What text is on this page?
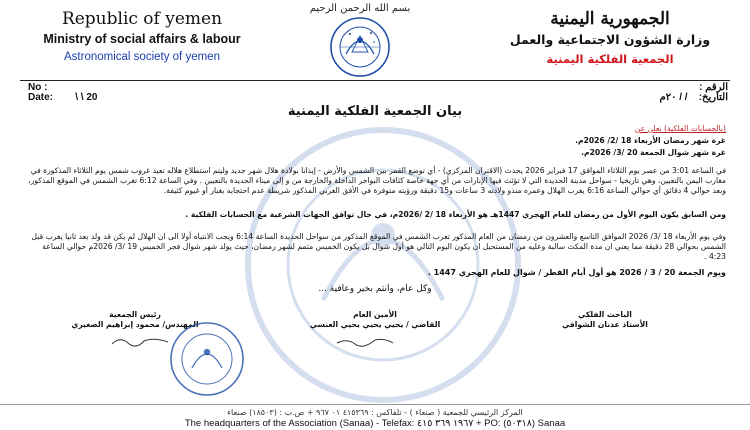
Republic of yemen
Ministry of social affairs & labour
Astronomical society of yemen
بسم الله الرحمن الرحيم
الجمهورية اليمنية
وزارة الشؤون الاجتماعية والعمل
الجمعية الفلكية اليمنية
No :	الرقم :
Date: \ \ 20	التاريخ:    / / ٢٠م
بيان الجمعية الفلكية اليمنية
(بالحسابات الفلكية) نعلن عن
غرة شهر رمضان الأربعاء 18 /2/ 2026م.
غرة شهر شوال الجمعة 20 /3/ 2026م.
في الساعة 3:01 من عصر يوم الثلاثاء الموافق 17 فبراير 2026 يحدث (الاقتران المركزي) - أي توضع القمر بين الشمس والأرض - إيذانا بولادة هلال شهر جديد وليتم استطلاع هلاله تعيد غروب شمس يوم الثلاثاء المذكورة في مغارب اليمن بالتعيين، وهي تاريخيا - سواحل مدينة الحديدة التي لا تؤثث فيها الإنارات من أي جهة خاصة كثافات البواخر الداخلة والخارجة من و إلى ميناء الحديدة بالتعيين . وفي الساعة 6:12 تغرب الشمس في الموقع المذكور، وبعد حوالي 4 دقائق أي حوالي الساعة 6:16 يغرب الهلال وعمره منذو ولادته 3 ساعات و15 دقيقة ورؤيته متوفرة في الأفق الغربي المذكور شريطة عدم احتجابه بغبار أو غيوم كثيفة.
ومن السابق يكون اليوم الأول من رمضان للعام الهجري 1447هـ هو الأربعاء 18 /2 /2026م، في حال توافق الجهات الشرعية مع الحسابات الفلكية .
وفي يوم الأربعاء 18 /3/ 2026 الموافق التاسع والعشرون من رمضان من العام المذكور تغرب الشمس في الموقع المذكور من سواحل الحديدة الساعة 6:14 ويجب الانتباه أولا الى ان الهلال لم يكن قد ولد بعد ثانيا يغرب قبل الشمس بحوالي 28 دقيقة مما يعني ان مدة المكث سالبة وعليه من المستحيل ان يكون اليوم التالي هو أول شوال بل يكون الخميس متمم لشهر رمضان، حيث يولد شهر شوال فجر الخميس 19 /3/ 2026م حوالي الساعة 4:23 .
ويوم الجمعة 20 / 3 / 2026 هو أول أيام الفطر / شوال للعام الهجري 1447 .
وكل عام، وانتم بخير وعافية ...
الباحث الفلكي
الأستاذ عدنان الشوافي
الأمين العام
القاضي / يحيي يحيي يحيي العنسي
رئيس الجمعية
المهندس/ محمود إبراهيم الصغيري
المركز الرئيسي للجمعية ( صنعاء ) - تلفاكس : ٤١٥٣٦٩ ٠١ ٩٦٧ + ص.ب : (١٨٥٠٣) صنعاء
The headquarters of the Association (Sanaa) - Telefax: ١٩٦٧ ٣٦٩ ٤١٥ + PO: (٥٠٣١٨) Sanaa
